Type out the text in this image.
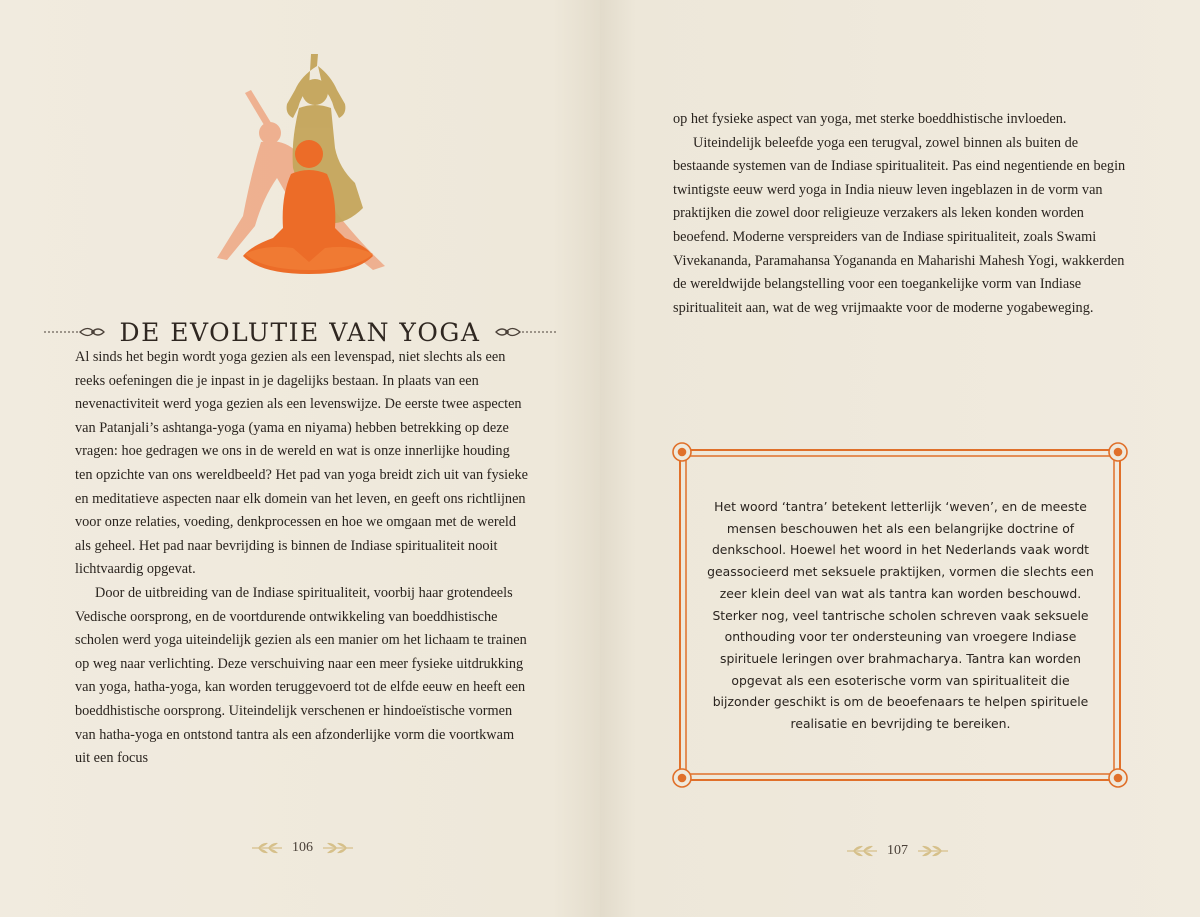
DE EVOLUTIE VAN YOGA

Al sinds het begin wordt yoga gezien als een levenspad, niet slechts als een reeks oefeningen die je inpast in je dagelijks bestaan. In plaats van een nevenactiviteit werd yoga gezien als een levenswijze. De eerste twee aspecten van Patanjali’s ashtanga-yoga (yama en niyama) hebben betrekking op deze vragen: hoe gedragen we ons in de wereld en wat is onze innerlijke houding ten opzichte van ons wereldbeeld? Het pad van yoga breidt zich uit van fysieke en meditatieve aspecten naar elk domein van het leven, en geeft ons richtlijnen voor onze relaties, voeding, denkprocessen en hoe we omgaan met de wereld als geheel. Het pad naar bevrijding is binnen de Indiase spiritualiteit nooit lichtvaardig opgevat.

Door de uitbreiding van de Indiase spiritualiteit, voorbij haar grotendeels Vedische oorsprong, en de voortdurende ontwikkeling van boeddhistische scholen werd yoga uiteindelijk gezien als een manier om het lichaam te trainen op weg naar verlichting. Deze verschuiving naar een meer fysieke uitdrukking van yoga, hatha-yoga, kan worden teruggevoerd tot de elfde eeuw en heeft een boeddhistische oorsprong. Uiteindelijk verschenen er hindoeïstische vormen van hatha-yoga en ontstond tantra als een afzonderlijke vorm die voortkwam uit een focus

106

op het fysieke aspect van yoga, met sterke boeddhistische invloeden.

Uiteindelijk beleefde yoga een terugval, zowel binnen als buiten de bestaande systemen van de Indiase spiritualiteit. Pas eind negentiende en begin twintigste eeuw werd yoga in India nieuw leven ingeblazen in de vorm van praktijken die zowel door religieuze verzakers als leken konden worden beoefend. Moderne verspreiders van de Indiase spiritualiteit, zoals Swami Vivekananda, Paramahansa Yogananda en Maharishi Mahesh Yogi, wakkerden de wereldwijde belangstelling voor een toegankelijke vorm van Indiase spiritualiteit aan, wat de weg vrijmaakte voor de moderne yogabeweging.

Het woord ‘tantra’ betekent letterlijk ‘weven’, en de meeste mensen beschouwen het als een belangrijke doctrine of denkschool. Hoewel het woord in het Nederlands vaak wordt geassocieerd met seksuele praktijken, vormen die slechts een zeer klein deel van wat als tantra kan worden beschouwd. Sterker nog, veel tantrische scholen schreven vaak seksuele onthouding voor ter ondersteuning van vroegere Indiase spirituele leringen over brahmacharya. Tantra kan worden opgevat als een esoterische vorm van spiritualiteit die bijzonder geschikt is om de beoefenaars te helpen spirituele realisatie en bevrijding te bereiken.

107
